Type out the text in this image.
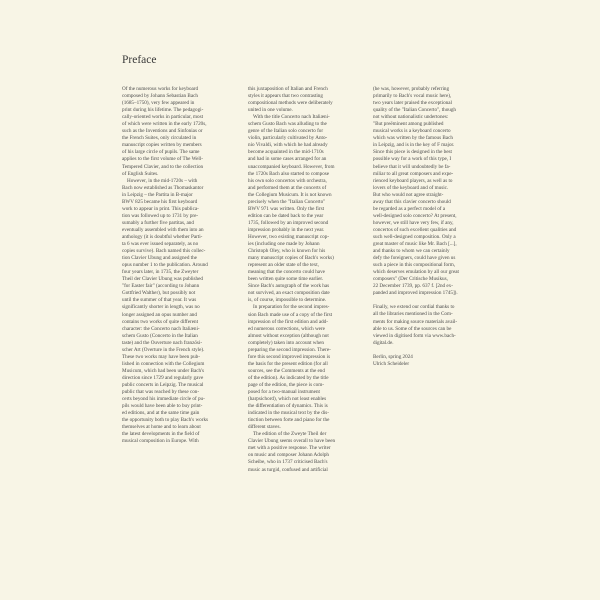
Preface
Of the numerous works for keyboard
composed by Johann Sebastian Bach
(1685–1750), very few appeared in
print during his lifetime. The pedagogi-
cally-oriented works in particular, most
of which were written in the early 1720s,
such as the Inventions and Sinfonias or
the French Suites, only circulated in
manuscript copies written by members
of his large circle of pupils. The same
applies to the first volume of The Well-
Tempered Clavier, and to the collection
of English Suites.
However, in the mid-1720s – with
Bach now established as Thomaskantor
in Leipzig – the Partita in B-major
BWV 825 became his first keyboard
work to appear in print. This publica-
tion was followed up to 1731 by pre-
sumably a further five partitas, and
eventually assembled with them into an
anthology (it is doubtful whether Parti-
ta 6 was ever issued separately, as no
copies survive). Bach named this collec-
tion Clavier Übung and assigned the
opus number 1 to the publication. Around
four years later, in 1735, the Zweyter
Theil der Clavier Übung was published
"for Easter fair" (according to Johann
Gottfried Walther), but possibly not
until the summer of that year. It was
significantly shorter in length, was no
longer assigned an opus number and
contains two works of quite different
character: the Concerto nach Italiæni-
schem Gusto (Concerto in the Italian
taste) and the Ouverture nach französi-
scher Art (Overture in the French style).
These two works may have been pub-
lished in connection with the Collegium
Musicum, which had been under Bach's
direction since 1729 and regularly gave
public concerts in Leipzig. The musical
public that was reached by these con-
certs beyond his immediate circle of pu-
pils would have been able to buy print-
ed editions, and at the same time gain
the opportunity both to play Bach's works
themselves at home and to learn about
the latest developments in the field of
musical composition in Europe. With
this juxtaposition of Italian and French
styles it appears that two contrasting
compositional methods were deliberately
united in one volume.
With the title Concerto nach Italiæni-
schem Gusto Bach was alluding to the
genre of the Italian solo concerto for
violin, particularly cultivated by Anto-
nio Vivaldi, with which he had already
become acquainted in the mid-1710s
and had in some cases arranged for an
unaccompanied keyboard. However, from
the 1720s Bach also started to compose
his own solo concertos with orchestra,
and performed them at the concerts of
the Collegium Musicum. It is not known
precisely when the "Italian Concerto"
BWV 971 was written. Only the first
edition can be dated back to the year
1735, followed by an improved second
impression probably in the next year.
However, two existing manuscript cop-
ies (including one made by Johann
Christoph Oley, who is known for his
many manuscript copies of Bach's works)
represent an older state of the text,
meaning that the concerto could have
been written quite some time earlier.
Since Bach's autograph of the work has
not survived, an exact composition date
is, of course, impossible to determine.
In preparation for the second impres-
sion Bach made use of a copy of the first
impression of the first edition and add-
ed numerous corrections, which were
almost without exception (although not
completely) taken into account when
preparing the second impression. There-
fore this second improved impression is
the basis for the present edition (for all
sources, see the Comments at the end
of the edition). As indicated by the title
page of the edition, the piece is com-
posed for a two-manual instrument
(harpsichord), which not least enables
the differentiation of dynamics. This is
indicated in the musical text by the dis-
tinction between forte and piano for the
different staves.
The edition of the Zweyte Theil der
Clavier Ubung seems overall to have been
met with a positive response. The writer
on music and composer Johann Adolph
Scheibe, who in 1737 criticised Bach's
music as turgid, confused and artificial
(he was, however, probably referring
primarily to Bach's vocal music here),
two years later praised the exceptional
quality of the "Italian Concerto", though
not without nationalistic undertones:
"But preëminent among published
musical works is a keyboard concerto
which was written by the famous Bach
in Leipzig, and is in the key of F major.
Since this piece is designed in the best
possible way for a work of this type, I
believe that it will undoubtedly be fa-
miliar to all great composers and expe-
rienced keyboard players, as well as to
lovers of the keyboard and of music.
But who would not agree straight-
away that this clavier concerto should
be regarded as a perfect model of a
well-designed solo concerto? At present,
however, we still have very few, if any,
concertos of such excellent qualities and
such well-designed composition. Only a
great master of music like Mr. Bach [...],
and thanks to whom we can certainly
defy the foreigners, could have given us
such a piece in this compositional form,
which deserves emulation by all our great
composers" (Der Critische Musikus,
22 December 1739, pp. 637 f. [2nd ex-
panded and improved impression 1745]).
Finally, we extend our cordial thanks to
all the libraries mentioned in the Com-
ments for making source materials avail-
able to us. Some of the sources can be
viewed in digitised form via www.bach-
digital.de.
Berlin, spring 2024
Ulrich Scheideler
